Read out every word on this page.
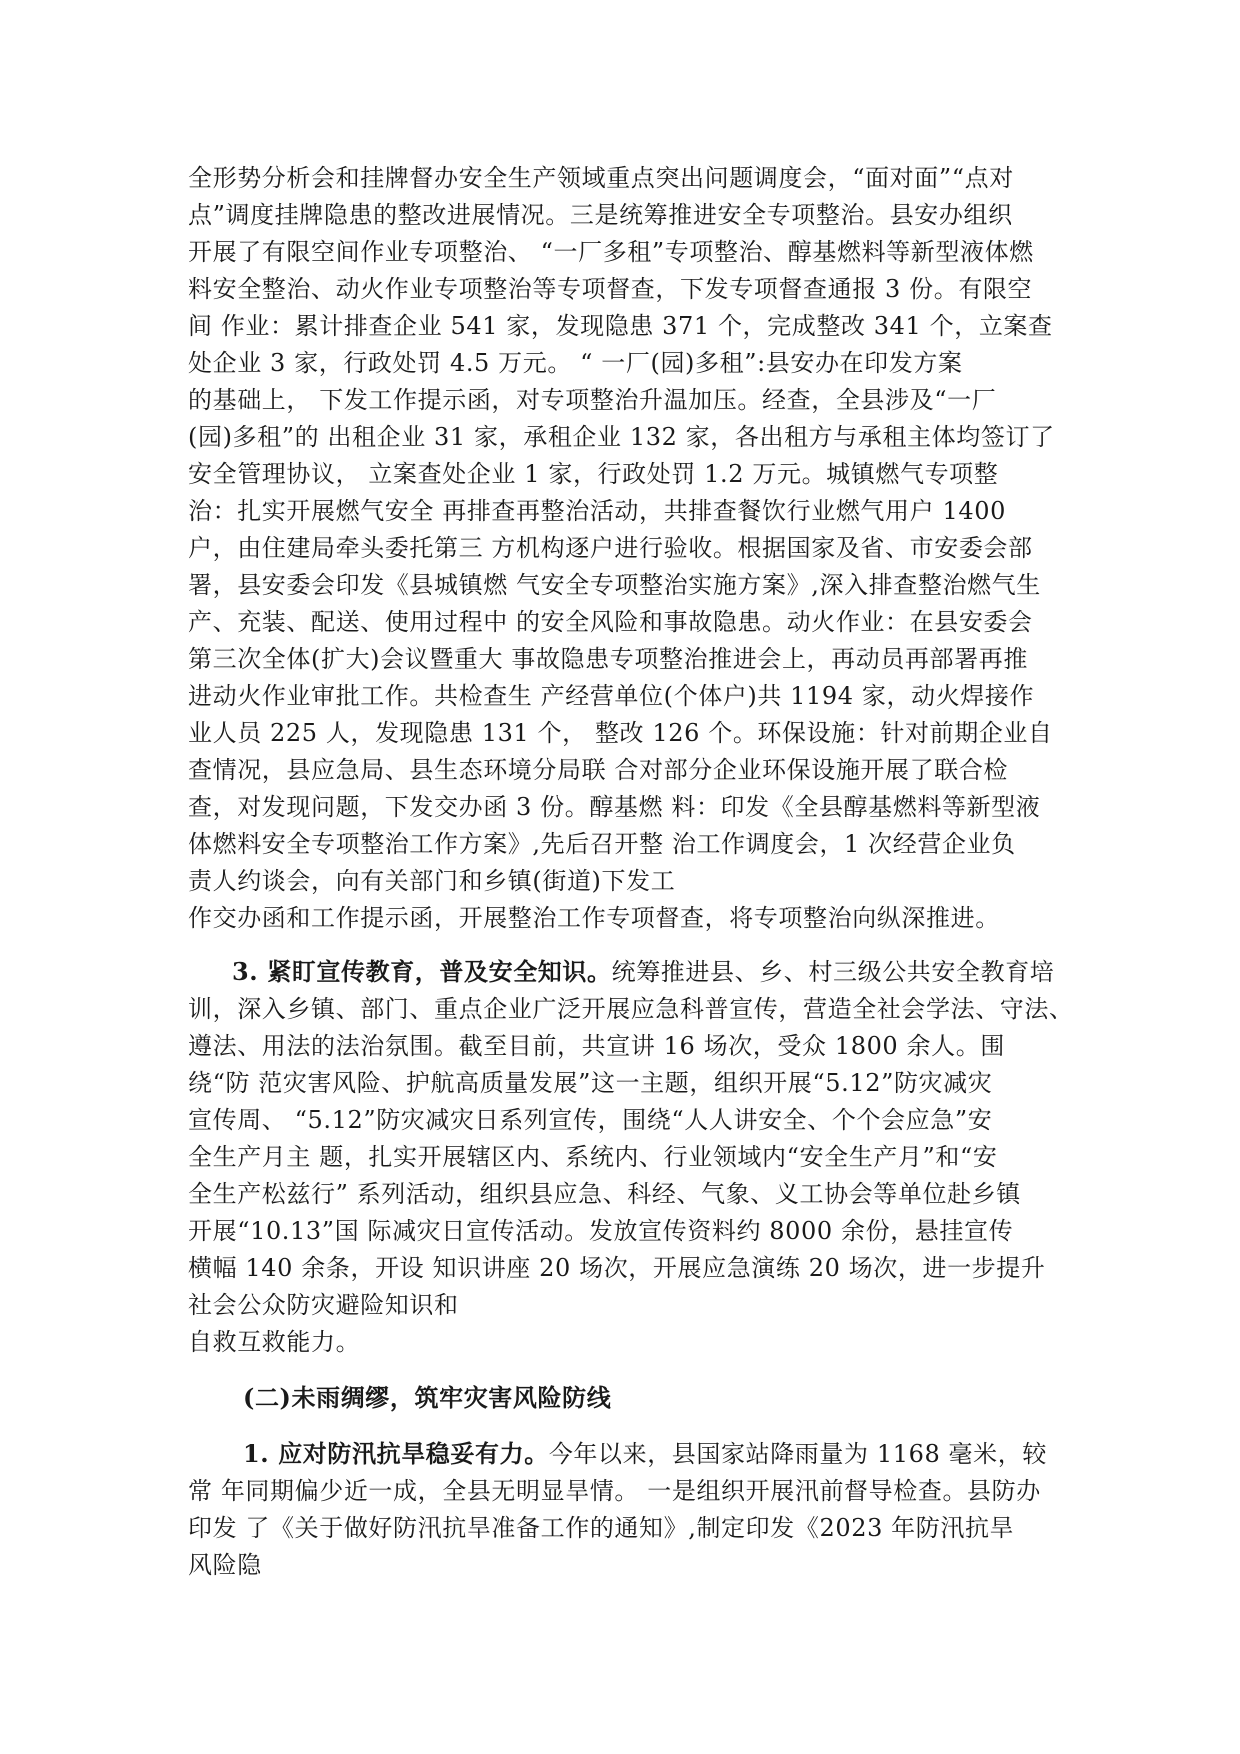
全形势分析会和挂牌督办安全生产领域重点突出问题调度会，“面对面”“点对
点”调度挂牌隐患的整改进展情况。三是统筹推进安全专项整治。县安办组织
开展了有限空间作业专项整治、 “一厂多租”专项整治、醇基燃料等新型液体燃
料安全整治、动火作业专项整治等专项督查，下发专项督查通报 3 份。有限空
间 作业：累计排查企业 541 家，发现隐患 371 个，完成整改 341 个，立案查
处企业 3 家，行政处罚 4.5 万元。 “ 一厂(园)多租”:县安办在印发方案
的基础上， 下发工作提示函，对专项整治升温加压。经查，全县涉及“一厂
(园)多租”的 出租企业 31 家，承租企业 132 家，各出租方与承租主体均签订了
安全管理协议， 立案查处企业 1 家，行政处罚 1.2 万元。城镇燃气专项整
治：扎实开展燃气安全 再排查再整治活动，共排查餐饮行业燃气用户 1400
户，由住建局牵头委托第三 方机构逐户进行验收。根据国家及省、市安委会部
署，县安委会印发《县城镇燃 气安全专项整治实施方案》,深入排查整治燃气生
产、充装、配送、使用过程中 的安全风险和事故隐患。动火作业：在县安委会
第三次全体(扩大)会议暨重大 事故隐患专项整治推进会上，再动员再部署再推
进动火作业审批工作。共检查生 产经营单位(个体户)共 1194 家，动火焊接作
业人员 225 人，发现隐患 131 个， 整改 126 个。环保设施：针对前期企业自
查情况，县应急局、县生态环境分局联 合对部分企业环保设施开展了联合检
查，对发现问题，下发交办函 3 份。醇基燃 料：印发《全县醇基燃料等新型液
体燃料安全专项整治工作方案》,先后召开整 治工作调度会，1 次经营企业负
责人约谈会，向有关部门和乡镇(街道)下发工
作交办函和工作提示函，开展整治工作专项督查，将专项整治向纵深推进。
3. 紧盯宣传教育，普及安全知识。统筹推进县、乡、村三级公共安全教育培
训，深入乡镇、部门、重点企业广泛开展应急科普宣传，营造全社会学法、守法、
遵法、用法的法治氛围。截至目前，共宣讲 16 场次，受众 1800 余人。围
绕“防 范灾害风险、护航高质量发展”这一主题，组织开展“5.12”防灾减灾
宣传周、 “5.12”防灾减灾日系列宣传，围绕“人人讲安全、个个会应急”安
全生产月主 题，扎实开展辖区内、系统内、行业领域内“安全生产月”和“安
全生产松兹行” 系列活动，组织县应急、科经、气象、义工协会等单位赴乡镇
开展“10.13”国 际减灾日宣传活动。发放宣传资料约 8000 余份，悬挂宣传
横幅 140 余条，开设 知识讲座 20 场次，开展应急演练 20 场次，进一步提升
社会公众防灾避险知识和
自救互救能力。
(二)未雨绸缪，筑牢灾害风险防线
1. 应对防汛抗旱稳妥有力。今年以来，县国家站降雨量为 1168 毫米，较
常 年同期偏少近一成，全县无明显旱情。 一是组织开展汛前督导检查。县防办
印发 了《关于做好防汛抗旱准备工作的通知》,制定印发《2023 年防汛抗旱
风险隐
